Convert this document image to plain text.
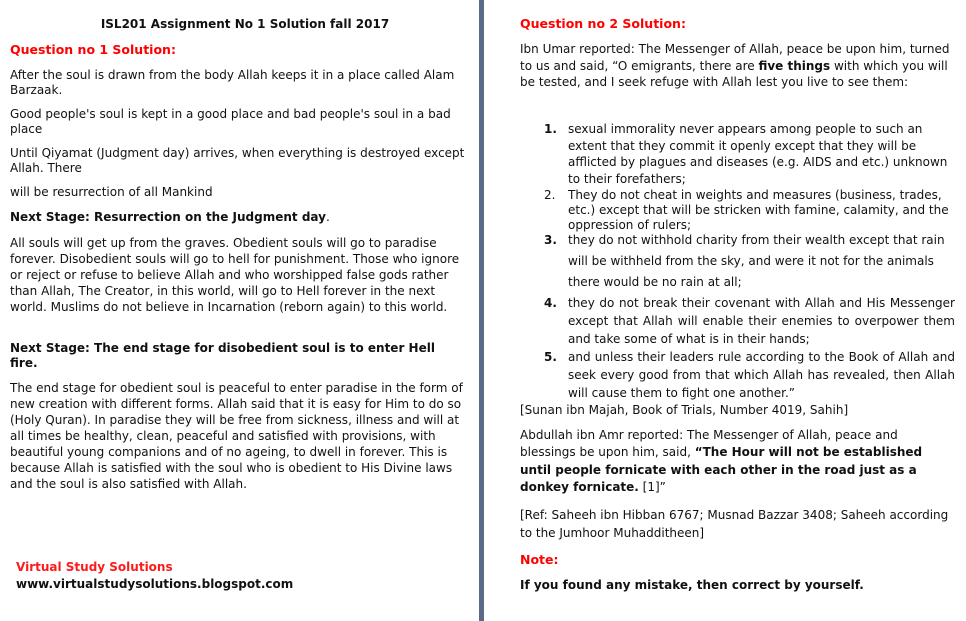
ISL201 Assignment No 1 Solution fall 2017
Question no 1 Solution:

After the soul is drawn from the body Allah keeps it in a place called Alam Barzaak.

Good people's soul is kept in a good place and bad people's soul in a bad place

Until Qiyamat (Judgment day) arrives, when everything is destroyed except Allah. There

will be resurrection of all Mankind

Next Stage: Resurrection on the Judgment day.

All souls will get up from the graves. Obedient souls will go to paradise forever. Disobedient souls will go to hell for punishment. Those who ignore or reject or refuse to believe Allah and who worshipped false gods rather than Allah, The Creator, in this world, will go to Hell forever in the next world. Muslims do not believe in Incarnation (reborn again) to this world.

Next Stage: The end stage for disobedient soul is to enter Hell fire.

The end stage for obedient soul is peaceful to enter paradise in the form of new creation with different forms. Allah said that it is easy for Him to do so (Holy Quran). In paradise they will be free from sickness, illness and will at all times be healthy, clean, peaceful and satisfied with provisions, with beautiful young companions and of no ageing, to dwell in forever. This is because Allah is satisfied with the soul who is obedient to His Divine laws and the soul is also satisfied with Allah.

Virtual Study Solutions
www.virtualstudysolutions.blogspot.com
Question no 2 Solution:

Ibn Umar reported: The Messenger of Allah, peace be upon him, turned to us and said, “O emigrants, there are five things with which you will be tested, and I seek refuge with Allah lest you live to see them:

1. sexual immorality never appears among people to such an extent that they commit it openly except that they will be afflicted by plagues and diseases (e.g. AIDS and etc.) unknown to their forefathers;
2. They do not cheat in weights and measures (business, trades, etc.) except that will be stricken with famine, calamity, and the oppression of rulers;
3. they do not withhold charity from their wealth except that rain will be withheld from the sky, and were it not for the animals there would be no rain at all;
4. they do not break their covenant with Allah and His Messenger except that Allah will enable their enemies to overpower them and take some of what is in their hands;
5. and unless their leaders rule according to the Book of Allah and seek every good from that which Allah has revealed, then Allah will cause them to fight one another.”

[Sunan ibn Majah, Book of Trials, Number 4019, Sahih]

Abdullah ibn Amr reported: The Messenger of Allah, peace and blessings be upon him, said, “The Hour will not be established until people fornicate with each other in the road just as a donkey fornicate. [1]”

[Ref: Saheeh ibn Hibban 6767; Musnad Bazzar 3408; Saheeh according to the Jumhoor Muhadditheen]

Note:
If you found any mistake, then correct by yourself.
